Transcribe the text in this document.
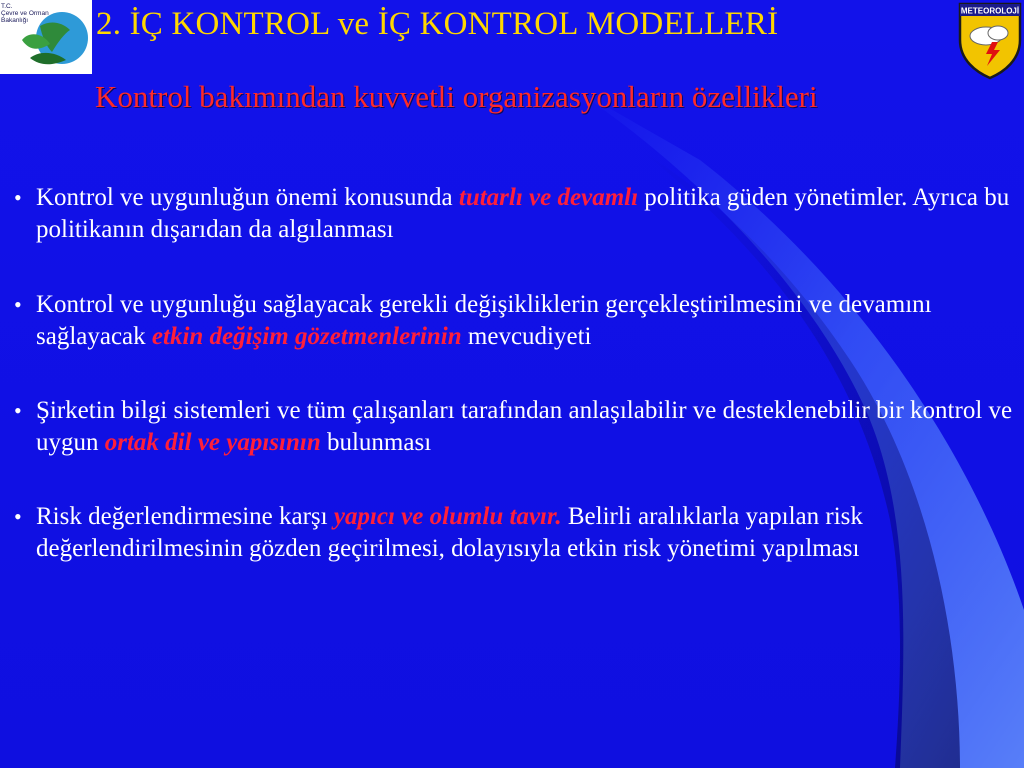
T.C.
Çevre ve Orman
Bakanlığı
METEOROLOJİ
2. İÇ KONTROL ve İÇ KONTROL MODELLERİ
Kontrol bakımından kuvvetli organizasyonların özellikleri
• Kontrol ve uygunluğun önemi konusunda tutarlı ve devamlı politika güden yönetimler. Ayrıca bu politikanın dışarıdan da algılanması
• Kontrol ve uygunluğu sağlayacak gerekli değişikliklerin gerçekleştirilmesini ve devamını sağlayacak etkin değişim gözetmenlerinin mevcudiyeti
• Şirketin bilgi sistemleri ve tüm çalışanları tarafından anlaşılabilir ve desteklenebilir bir kontrol ve uygun ortak dil ve yapısının bulunması
• Risk değerlendirmesine karşı yapıcı ve olumlu tavır. Belirli aralıklarla yapılan risk değerlendirilmesinin gözden geçirilmesi, dolayısıyla etkin risk yönetimi yapılması
